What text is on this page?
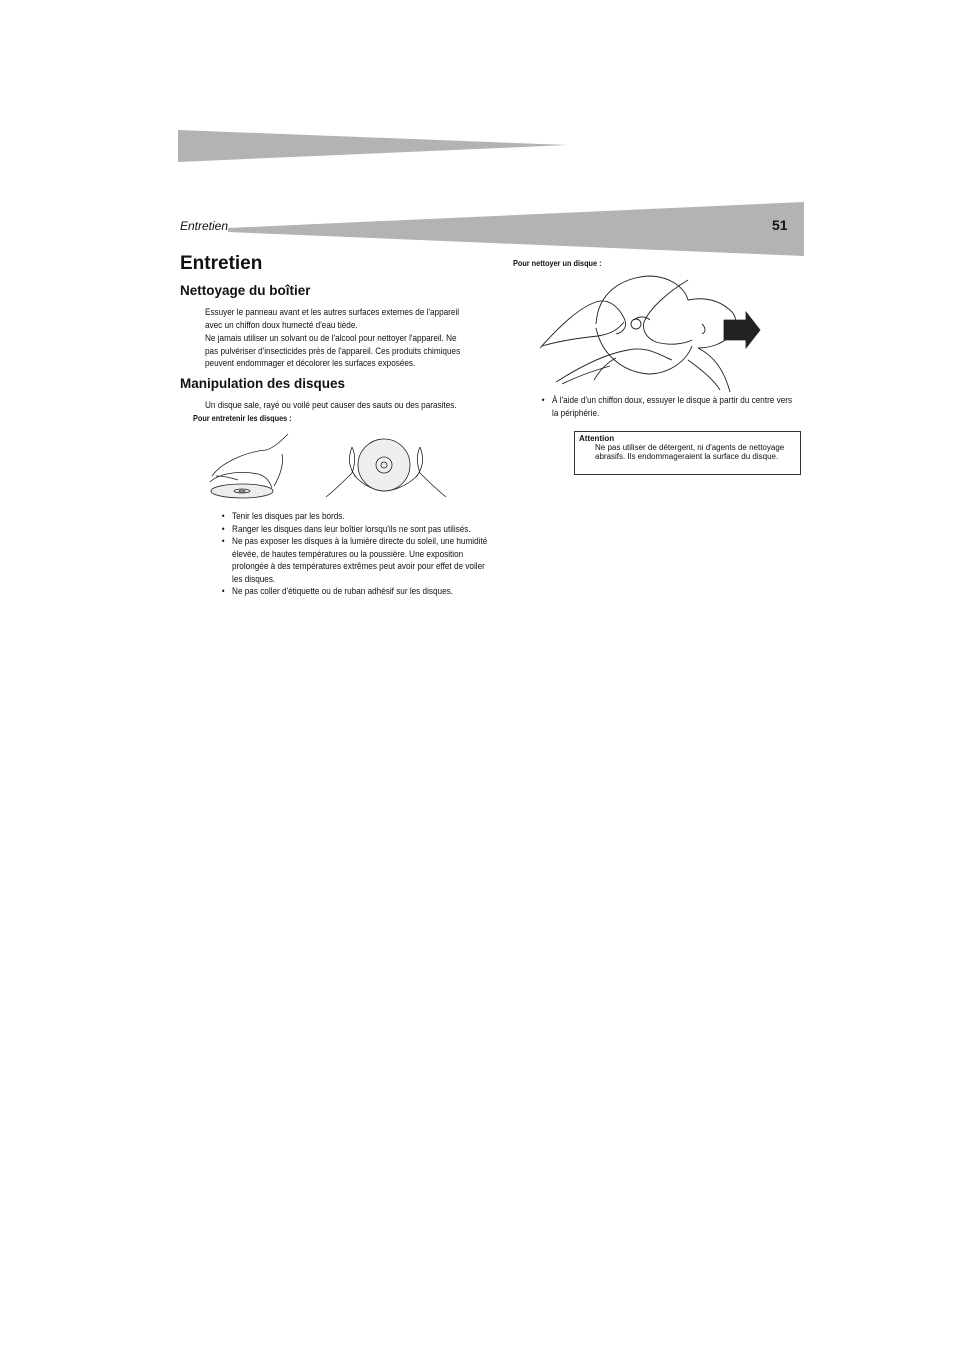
Entretien	51
Entretien
Nettoyage du boîtier

Essuyer le panneau avant et les autres surfaces externes de l'appareil avec un chiffon doux humecté d'eau tiède.

Ne jamais utiliser un solvant ou de l'alcool pour nettoyer l'appareil. Ne pas pulvériser d'insecticides près de l'appareil. Ces produits chimiques peuvent endommager et décolorer les surfaces exposées.

Manipulation des disques
Un disque sale, rayé ou voilé peut causer des sauts ou des parasites.
Pour entretenir les disques :
• Tenir les disques par les bords.
• Ranger les disques dans leur boîtier lorsqu'ils ne sont pas utilisés.
• Ne pas exposer les disques à la lumière directe du soleil, une humidité élevée, de hautes températures ou la poussière. Une exposition prolongée à des températures extrêmes peut avoir pour effet de voiler les disques.
• Ne pas coller d'étiquette ou de ruban adhésif sur les disques.
Pour nettoyer un disque :
• À l'aide d'un chiffon doux, essuyer le disque à partir du centre vers la périphérie.
Attention
Ne pas utiliser de détergent, ni d'agents de nettoyage abrasifs. Ils endommageraient la surface du disque.
